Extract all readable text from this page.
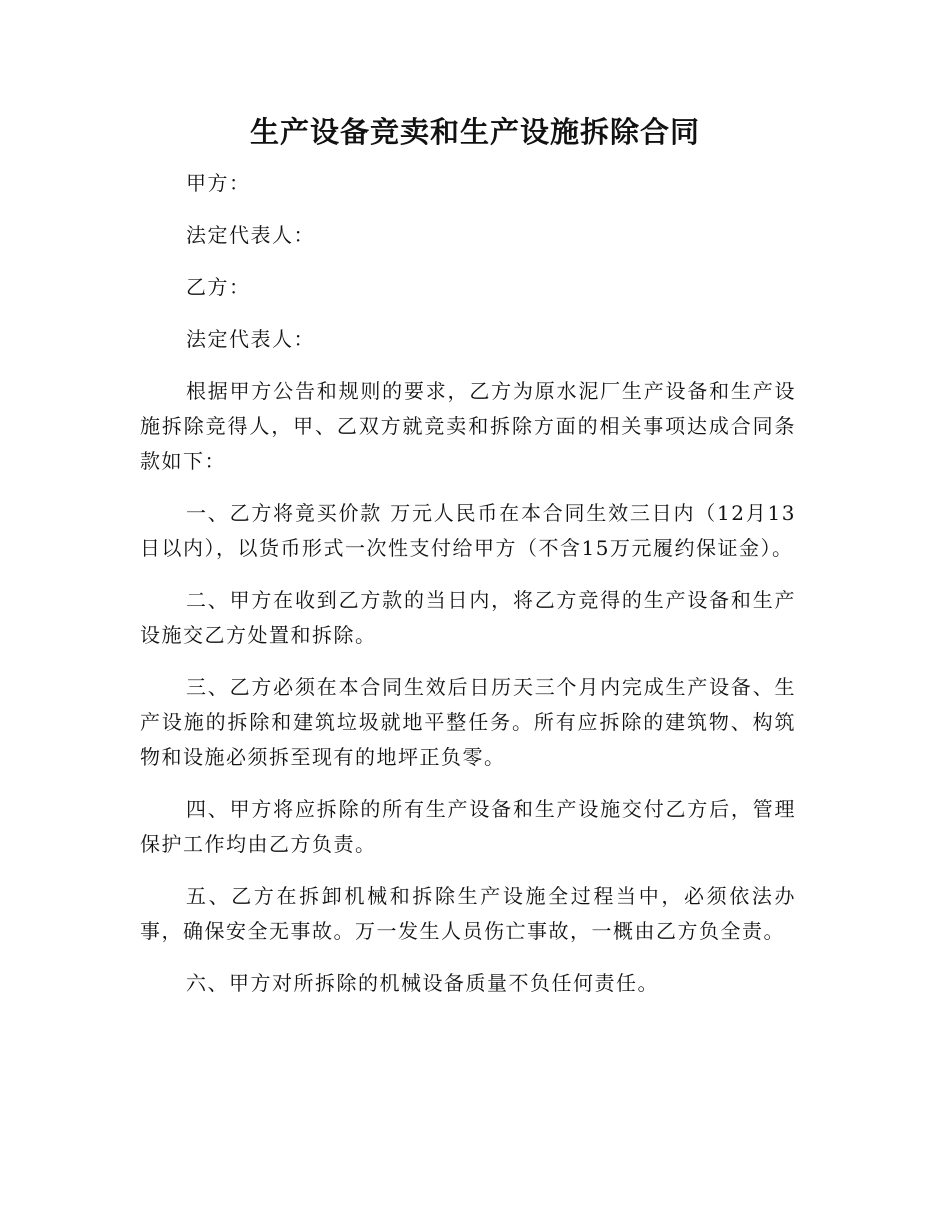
生产设备竞卖和生产设施拆除合同

甲方：

法定代表人：

乙方：

法定代表人：

根据甲方公告和规则的要求，乙方为原水泥厂生产设备和生产设施拆除竞得人，甲、乙双方就竞卖和拆除方面的相关事项达成合同条款如下：

一、乙方将竟买价款 万元人民币在本合同生效三日内（12月13日以内），以货币形式一次性支付给甲方（不含15万元履约保证金）。

二、甲方在收到乙方款的当日内，将乙方竞得的生产设备和生产设施交乙方处置和拆除。

三、乙方必须在本合同生效后日历天三个月内完成生产设备、生产设施的拆除和建筑垃圾就地平整任务。所有应拆除的建筑物、构筑物和设施必须拆至现有的地坪正负零。

四、甲方将应拆除的所有生产设备和生产设施交付乙方后，管理保护工作均由乙方负责。

五、乙方在拆卸机械和拆除生产设施全过程当中，必须依法办事，确保安全无事故。万一发生人员伤亡事故，一概由乙方负全责。

六、甲方对所拆除的机械设备质量不负任何责任。
